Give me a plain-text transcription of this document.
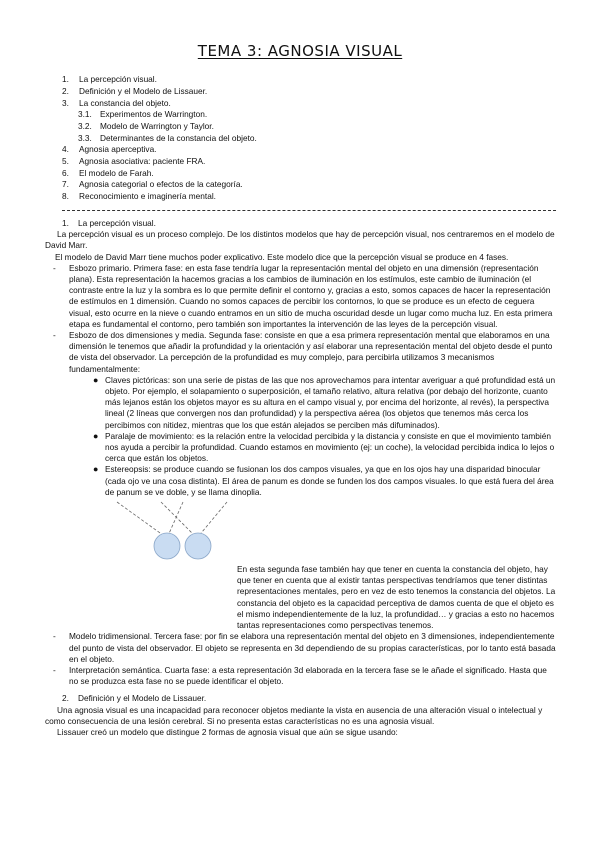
TEMA 3: AGNOSIA VISUAL
1.	La percepción visual.
2.	Definición y el Modelo de Lissauer.
3.	La constancia del objeto.
3.1. Experimentos de Warrington.
3.2. Modelo de Warrington y Taylor.
3.3. Determinantes de la constancia del objeto.
4.	Agnosia aperceptiva.
5.	Agnosia asociativa: paciente FRA.
6.	El modelo de Farah.
7.	Agnosia categorial o efectos de la categoría.
8.	Reconocimiento e imaginería mental.
1.	La percepción visual.

La percepción visual es un proceso complejo. De los distintos modelos que hay de percepción visual, nos centraremos en el modelo de David Marr.

El modelo de David Marr tiene muchos poder explicativo. Este modelo dice que la percepción visual se produce en 4 fases.

-	Esbozo primario. Primera fase: en esta fase tendría lugar la representación mental del objeto en una dimensión (representación plana). Esta representación la hacemos gracias a los cambios de iluminación en los estímulos, este cambio de iluminación (el contraste entre la luz y la sombra es lo que permite definir el contorno y, gracias a esto, somos capaces de hacer la representación de estímulos en 1 dimensión. Cuando no somos capaces de percibir los contornos, lo que se produce es un efecto de ceguera visual, esto ocurre en la nieve o cuando entramos en un sitio de mucha oscuridad desde un lugar como mucha luz. En esta primera etapa es fundamental el contorno, pero también son importantes la intervención de las leyes de la percepción visual.
-	Esbozo de dos dimensiones y media. Segunda fase: consiste en que a esa primera representación mental que elaboramos en una dimensión le tenemos que añadir la profundidad y la orientación y así elaborar una representación mental del objeto desde el punto de vista del observador. La percepción de la profundidad es muy complejo, para percibirla utilizamos 3 mecanismos fundamentalmente:
● Claves pictóricas: son una serie de pistas de las que nos aprovechamos para intentar averiguar a qué profundidad está un objeto. Por ejemplo, el solapamiento o superposición, el tamaño relativo, altura relativa (por debajo del horizonte, cuanto más lejanos están los objetos mayor es su altura en el campo visual y, por encima del horizonte, al revés), la perspectiva lineal (2 líneas que convergen nos dan profundidad) y la perspectiva aérea (los objetos que tenemos más cerca los percibimos con nitidez, mientras que los que están alejados se perciben más difuminados).
● Paralaje de movimiento: es la relación entre la velocidad percibida y la distancia y consiste en que el movimiento también nos ayuda a percibir la profundidad. Cuando estamos en movimiento (ej: un coche), la velocidad percibida indica lo lejos o cerca que están los objetos.
● Estereopsis: se produce cuando se fusionan los dos campos visuales, ya que en los ojos hay una disparidad binocular (cada ojo ve una cosa distinta). El área de panum es donde se funden los dos campos visuales. lo que está fuera del área de panum se ve doble, y se llama dinoplia.

En esta segunda fase también hay que tener en cuenta la constancia del objeto, hay que tener en cuenta que al existir tantas perspectivas tendríamos que tener distintas representaciones mentales, pero en vez de esto tenemos la constancia del objetos. La constancia del objeto es la capacidad perceptiva de damos cuenta de que el objeto es el mismo independientemente de la luz, la profundidad… y gracias a esto no hacemos tantas representaciones como perspectivas tenemos.

-	Modelo tridimensional. Tercera fase: por fin se elabora una representación mental del objeto en 3 dimensiones, independientemente del punto de vista del observador. El objeto se representa en 3d dependiendo de su propias características, por lo tanto está basada en el objeto.
-	Interpretación semántica. Cuarta fase: a esta representación 3d elaborada en la tercera fase se le añade el significado. Hasta que no se produzca esta fase no se puede identificar el objeto.
2.	Definición y el Modelo de Lissauer.

Una agnosia visual es una incapacidad para reconocer objetos mediante la vista en ausencia de una alteración visual o intelectual y como consecuencia de una lesión cerebral. Si no presenta estas características no es una agnosia visual.

Lissauer creó un modelo que distingue 2 formas de agnosia visual que aún se sigue usando:
